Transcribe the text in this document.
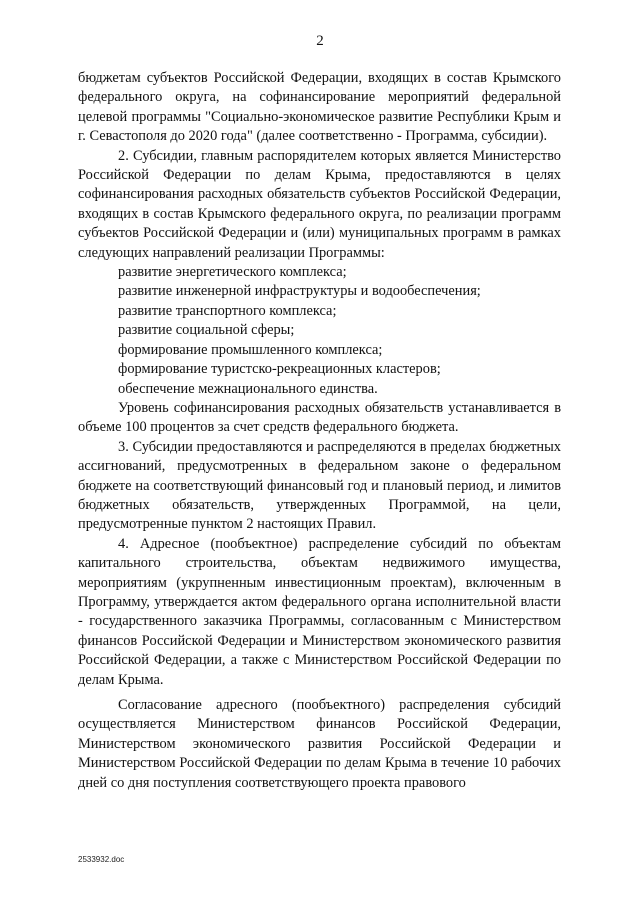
2

бюджетам субъектов Российской Федерации, входящих в состав Крымского федерального округа, на софинансирование мероприятий федеральной целевой программы "Социально-экономическое развитие Республики Крым и г. Севастополя до 2020 года" (далее соответственно - Программа, субсидии).

2. Субсидии, главным распорядителем которых является Министерство Российской Федерации по делам Крыма, предоставляются в целях софинансирования расходных обязательств субъектов Российской Федерации, входящих в состав Крымского федерального округа, по реализации программ субъектов Российской Федерации и (или) муниципальных программ в рамках следующих направлений реализации Программы:

развитие энергетического комплекса;

развитие инженерной инфраструктуры и водообеспечения;

развитие транспортного комплекса;

развитие социальной сферы;

формирование промышленного комплекса;

формирование туристско-рекреационных кластеров;

обеспечение межнационального единства.

Уровень софинансирования расходных обязательств устанавливается в объеме 100 процентов за счет средств федерального бюджета.

3. Субсидии предоставляются и распределяются в пределах бюджетных ассигнований, предусмотренных в федеральном законе о федеральном бюджете на соответствующий финансовый год и плановый период, и лимитов бюджетных обязательств, утвержденных Программой, на цели, предусмотренные пунктом 2 настоящих Правил.

4. Адресное (пообъектное) распределение субсидий по объектам капитального строительства, объектам недвижимого имущества, мероприятиям (укрупненным инвестиционным проектам), включенным в Программу, утверждается актом федерального органа исполнительной власти - государственного заказчика Программы, согласованным с Министерством финансов Российской Федерации и Министерством экономического развития Российской Федерации, а также с Министерством Российской Федерации по делам Крыма.

Согласование адресного (пообъектного) распределения субсидий осуществляется Министерством финансов Российской Федерации, Министерством экономического развития Российской Федерации и Министерством Российской Федерации по делам Крыма в течение 10 рабочих дней со дня поступления соответствующего проекта правового

2533932.doc
